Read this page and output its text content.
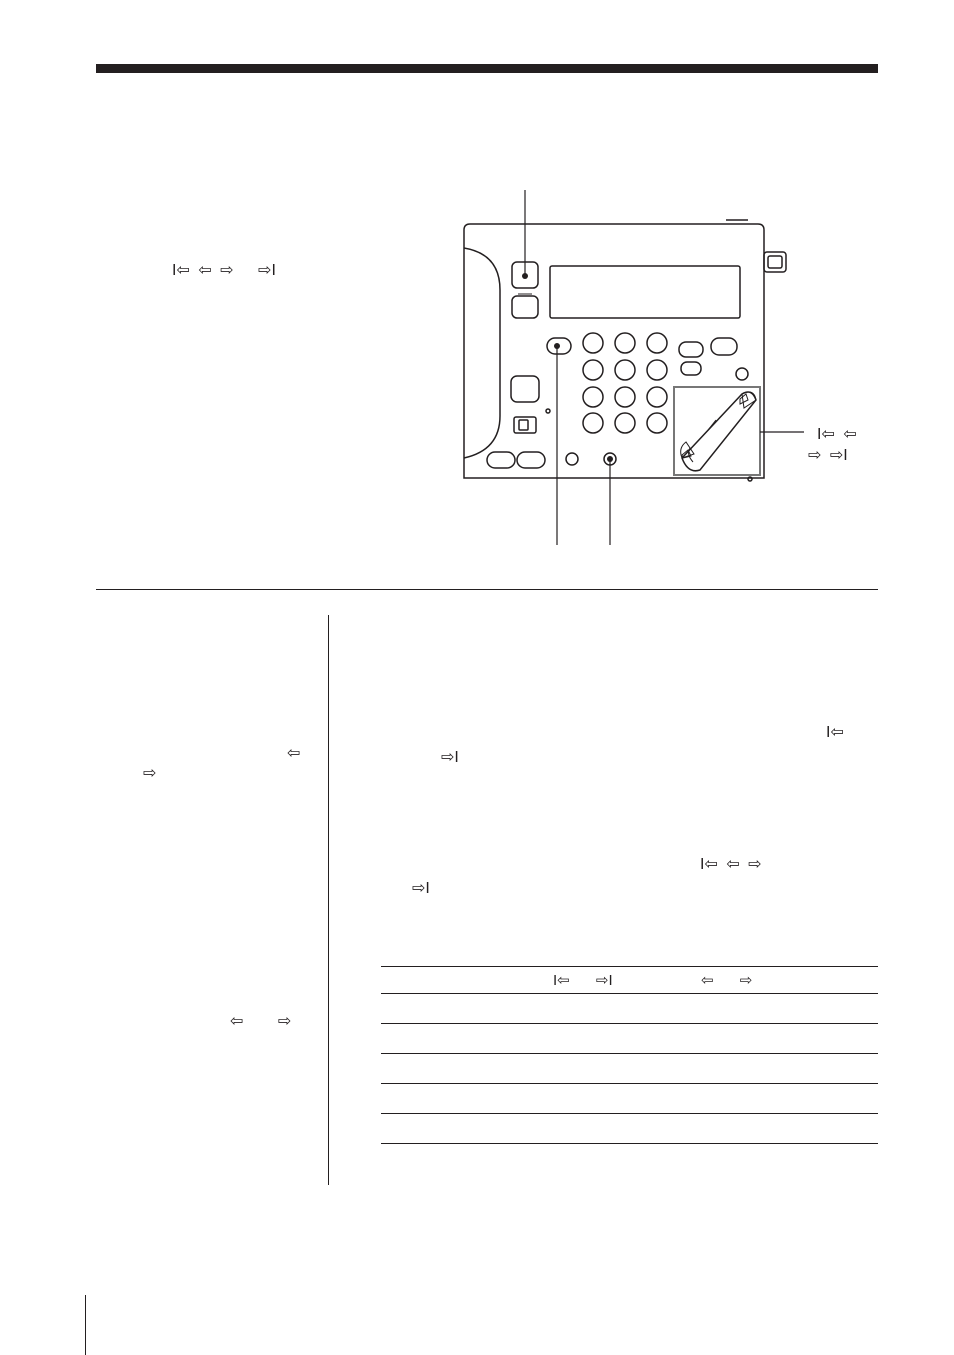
I⇦ ⇦ ⇨ ⇨I
I⇦ ⇦
⇨ ⇨I
⇦
⇨
⇦ ⇨
I⇦
⇨I
I⇦ ⇦ ⇨
⇨I
	I⇦ ⇨I	⇦ ⇨
